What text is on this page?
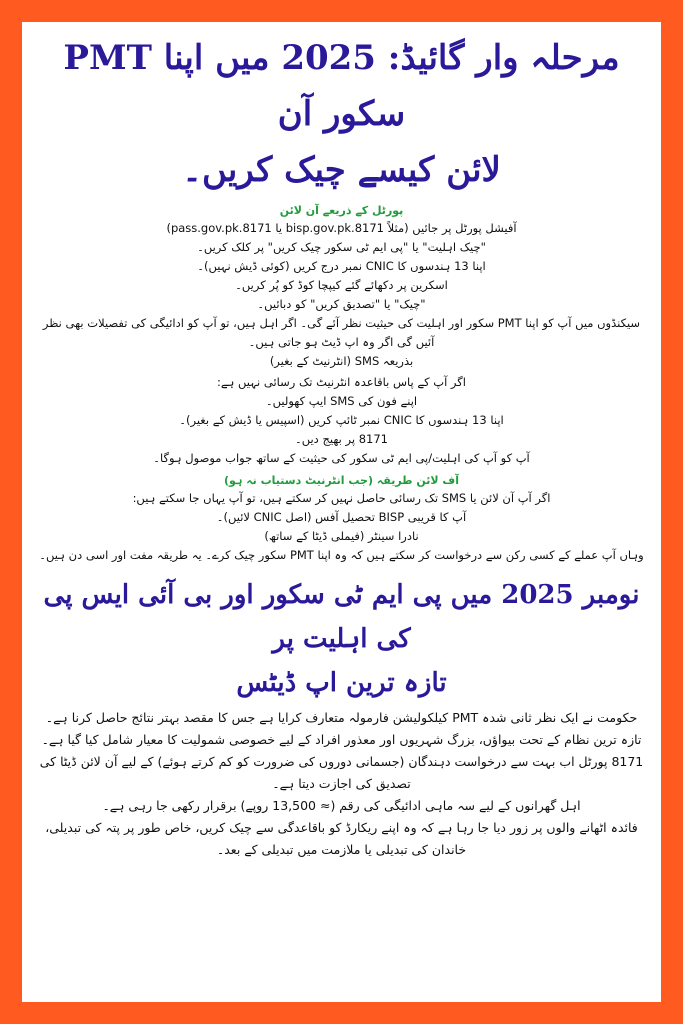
مرحلہ وار گائیڈ: 2025 میں اپنا PMT سکور آن
لائن کیسے چیک کریں۔
پورٹل کے ذریعے آن لائن
آفیشل پورٹل پر جائیں (مثلاً bisp.gov.pk.8171 یا pass.gov.pk.8171)
"چیک اہلیت" یا "پی ایم ٹی سکور چیک کریں" پر کلک کریں۔
اپنا 13 ہندسوں کا CNIC نمبر درج کریں (کوئی ڈیش نہیں)۔
اسکرین پر دکھائے گئے کیپچا کوڈ کو پُر کریں۔
"چیک" یا "تصدیق کریں" کو دبائیں۔
سیکنڈوں میں آپ کو اپنا PMT سکور اور اہلیت کی حیثیت نظر آئے گی۔ اگر اہل ہیں، تو آپ کو ادائیگی کی تفصیلات بھی نظر آئیں گی اگر وہ اپ ڈیٹ ہو جاتی ہیں۔
بذریعہ SMS (انٹرنیٹ کے بغیر)
اگر آپ کے پاس باقاعدہ انٹرنیٹ تک رسائی نہیں ہے:
اپنے فون کی SMS ایپ کھولیں۔
اپنا 13 ہندسوں کا CNIC نمبر ٹائپ کریں (اسپیس یا ڈیش کے بغیر)۔
8171 پر بھیج دیں۔
آپ کو آپ کی اہلیت/پی ایم ٹی سکور کی حیثیت کے ساتھ جواب موصول ہوگا۔
آف لائن طریقہ (جب انٹرنیٹ دستیاب نہ ہو)
اگر آپ آن لائن یا SMS تک رسائی حاصل نہیں کر سکتے ہیں، تو آپ یہاں جا سکتے ہیں:
آپ کا قریبی BISP تحصیل آفس (اصل CNIC لائیں)۔
نادرا سینٹر (فیملی ڈیٹا کے ساتھ)
وہاں آپ عملے کے کسی رکن سے درخواست کر سکتے ہیں کہ وہ اپنا PMT سکور چیک کرے۔ یہ طریقہ مفت اور اسی دن ہیں۔
نومبر 2025 میں پی ایم ٹی سکور اور بی آئی ایس پی کی اہلیت پر
تازہ ترین اپ ڈیٹس
حکومت نے ایک نظر ثانی شدہ PMT کیلکولیشن فارمولہ متعارف کرایا ہے جس کا مقصد بہتر نتائج حاصل کرنا ہے۔
تازہ ترین نظام کے تحت بیواؤں، بزرگ شہریوں اور معذور افراد کے لیے خصوصی شمولیت کا معیار شامل کیا گیا ہے۔
8171 پورٹل اب بہت سے درخواست دہندگان (جسمانی دوروں کی ضرورت کو کم کرتے ہوئے) کے لیے آن لائن ڈیٹا کی تصدیق کی اجازت دیتا ہے۔
اہل گھرانوں کے لیے سہ ماہی ادائیگی کی رقم (≈ 13,500 روپے) برقرار رکھی جا رہی ہے۔
فائدہ اٹھانے والوں پر زور دیا جا رہا ہے کہ وہ اپنے ریکارڈ کو باقاعدگی سے چیک کریں، خاص طور پر پتہ کی تبدیلی، خاندان کی تبدیلی یا ملازمت میں تبدیلی کے بعد۔
